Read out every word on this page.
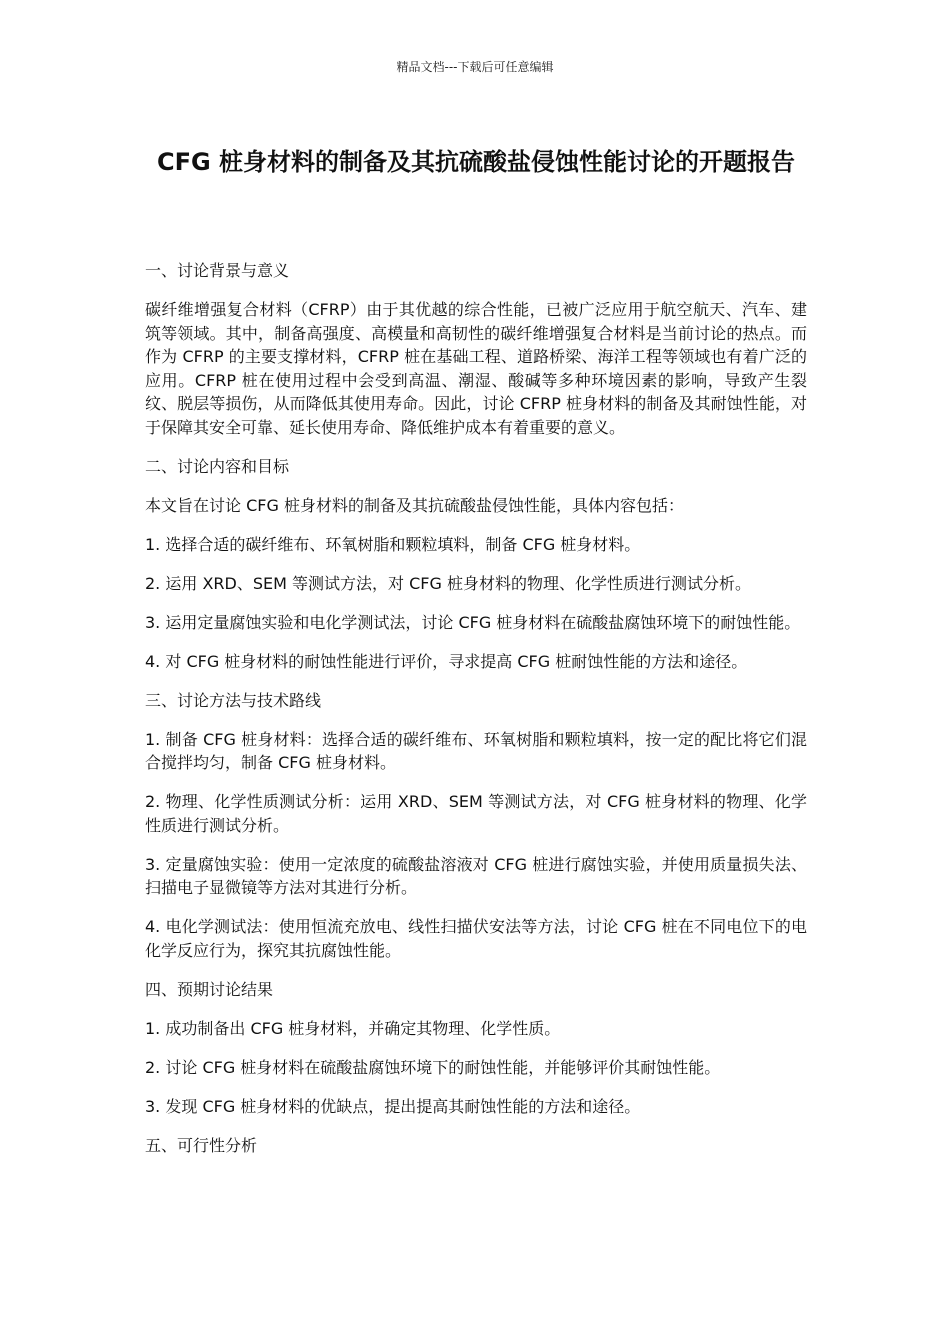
精品文档---下载后可任意编辑
CFG 桩身材料的制备及其抗硫酸盐侵蚀性能讨论的开题报告

一、讨论背景与意义

碳纤维增强复合材料（CFRP）由于其优越的综合性能，已被广泛应用于航空航天、汽车、建筑等领域。其中，制备高强度、高模量和高韧性的碳纤维增强复合材料是当前讨论的热点。而作为 CFRP 的主要支撑材料，CFRP 桩在基础工程、道路桥梁、海洋工程等领域也有着广泛的应用。CFRP 桩在使用过程中会受到高温、潮湿、酸碱等多种环境因素的影响，导致产生裂纹、脱层等损伤，从而降低其使用寿命。因此，讨论 CFRP 桩身材料的制备及其耐蚀性能，对于保障其安全可靠、延长使用寿命、降低维护成本有着重要的意义。

二、讨论内容和目标

本文旨在讨论 CFG 桩身材料的制备及其抗硫酸盐侵蚀性能，具体内容包括：

1. 选择合适的碳纤维布、环氧树脂和颗粒填料，制备 CFG 桩身材料。

2. 运用 XRD、SEM 等测试方法，对 CFG 桩身材料的物理、化学性质进行测试分析。

3. 运用定量腐蚀实验和电化学测试法，讨论 CFG 桩身材料在硫酸盐腐蚀环境下的耐蚀性能。

4. 对 CFG 桩身材料的耐蚀性能进行评价，寻求提高 CFG 桩耐蚀性能的方法和途径。

三、讨论方法与技术路线

1. 制备 CFG 桩身材料：选择合适的碳纤维布、环氧树脂和颗粒填料，按一定的配比将它们混合搅拌均匀，制备 CFG 桩身材料。

2. 物理、化学性质测试分析：运用 XRD、SEM 等测试方法，对 CFG 桩身材料的物理、化学性质进行测试分析。

3. 定量腐蚀实验：使用一定浓度的硫酸盐溶液对 CFG 桩进行腐蚀实验，并使用质量损失法、扫描电子显微镜等方法对其进行分析。

4. 电化学测试法：使用恒流充放电、线性扫描伏安法等方法，讨论 CFG 桩在不同电位下的电化学反应行为，探究其抗腐蚀性能。

四、预期讨论结果

1. 成功制备出 CFG 桩身材料，并确定其物理、化学性质。

2. 讨论 CFG 桩身材料在硫酸盐腐蚀环境下的耐蚀性能，并能够评价其耐蚀性能。

3. 发现 CFG 桩身材料的优缺点，提出提高其耐蚀性能的方法和途径。

五、可行性分析
